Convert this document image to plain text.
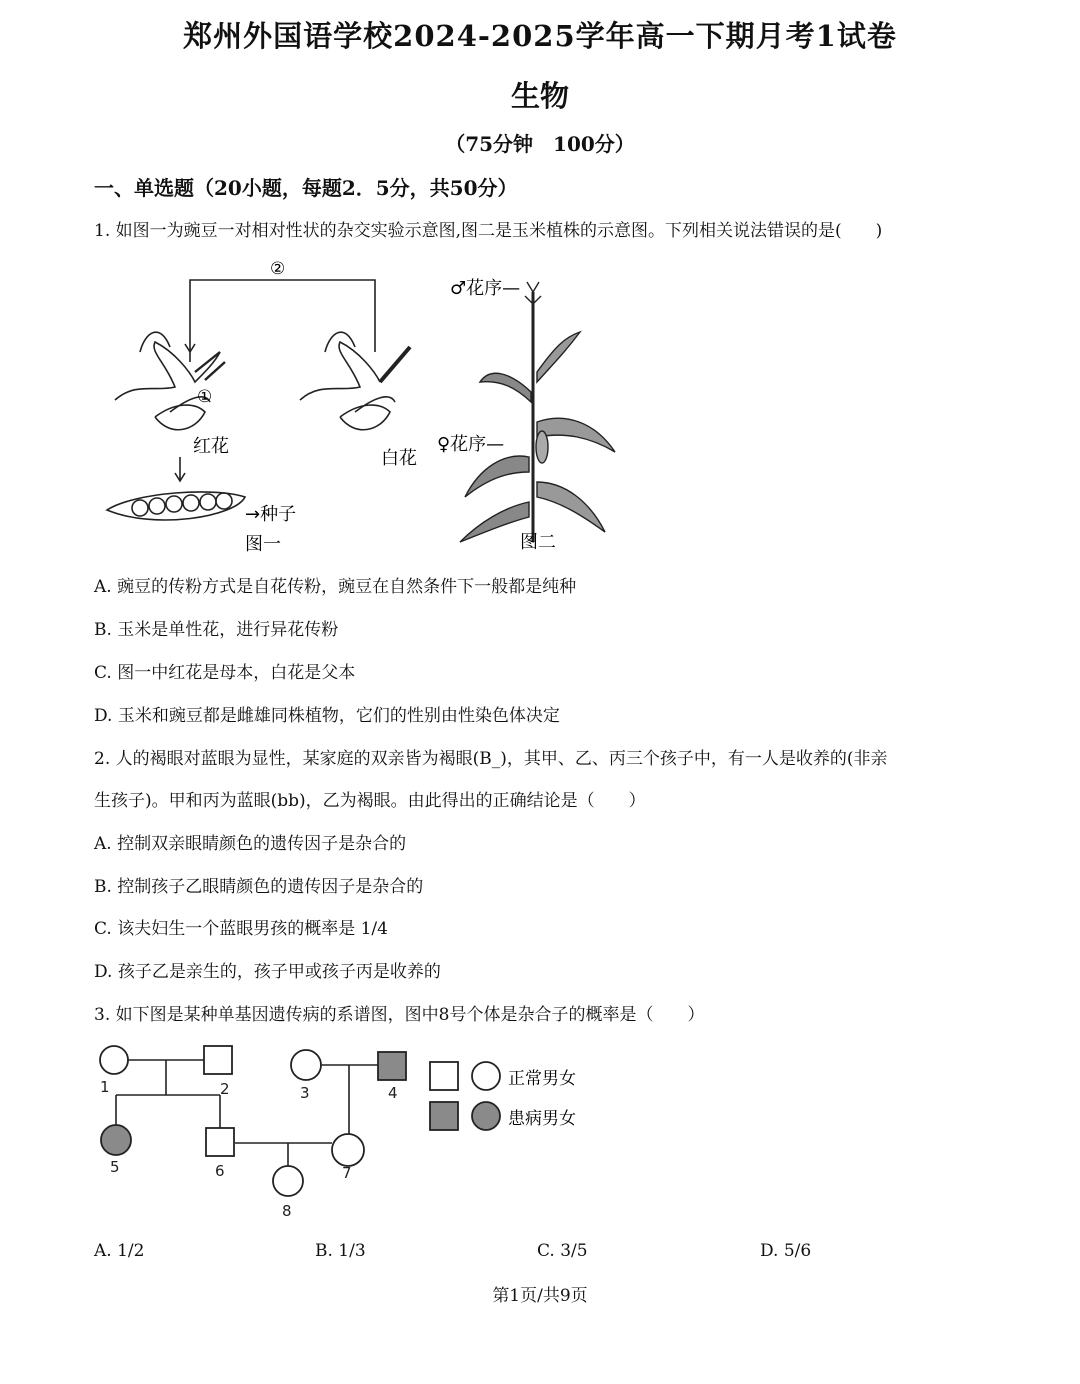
郑州外国语学校2024-2025学年高一下期月考1试卷
生物
（75分钟　100分）
一、单选题（20小题，每题2．5分，共50分）
1. 如图一为豌豆一对相对性状的杂交实验示意图,图二是玉米植株的示意图。下列相关说法错误的是(　　)
②
①
红花
白花
→种子
图一
♂花序—
♀花序—
图二
A. 豌豆的传粉方式是自花传粉，豌豆在自然条件下一般都是纯种
B. 玉米是单性花，进行异花传粉
C. 图一中红花是母本，白花是父本
D. 玉米和豌豆都是雌雄同株植物，它们的性别由性染色体决定
2. 人的褐眼对蓝眼为显性，某家庭的双亲皆为褐眼(B_)，其甲、乙、丙三个孩子中，有一人是收养的(非亲
生孩子)。甲和丙为蓝眼(bb)，乙为褐眼。由此得出的正确结论是（　　）
A. 控制双亲眼睛颜色的遗传因子是杂合的
B. 控制孩子乙眼睛颜色的遗传因子是杂合的
C. 该夫妇生一个蓝眼男孩的概率是 1/4
D. 孩子乙是亲生的，孩子甲或孩子丙是收养的
3. 如下图是某种单基因遗传病的系谱图，图中8号个体是杂合子的概率是（　　）
1	2	3	4
5	6	7
8
正常男女
患病男女
A. 1/2	B. 1/3	C. 3/5	D. 5/6
第1页/共9页
